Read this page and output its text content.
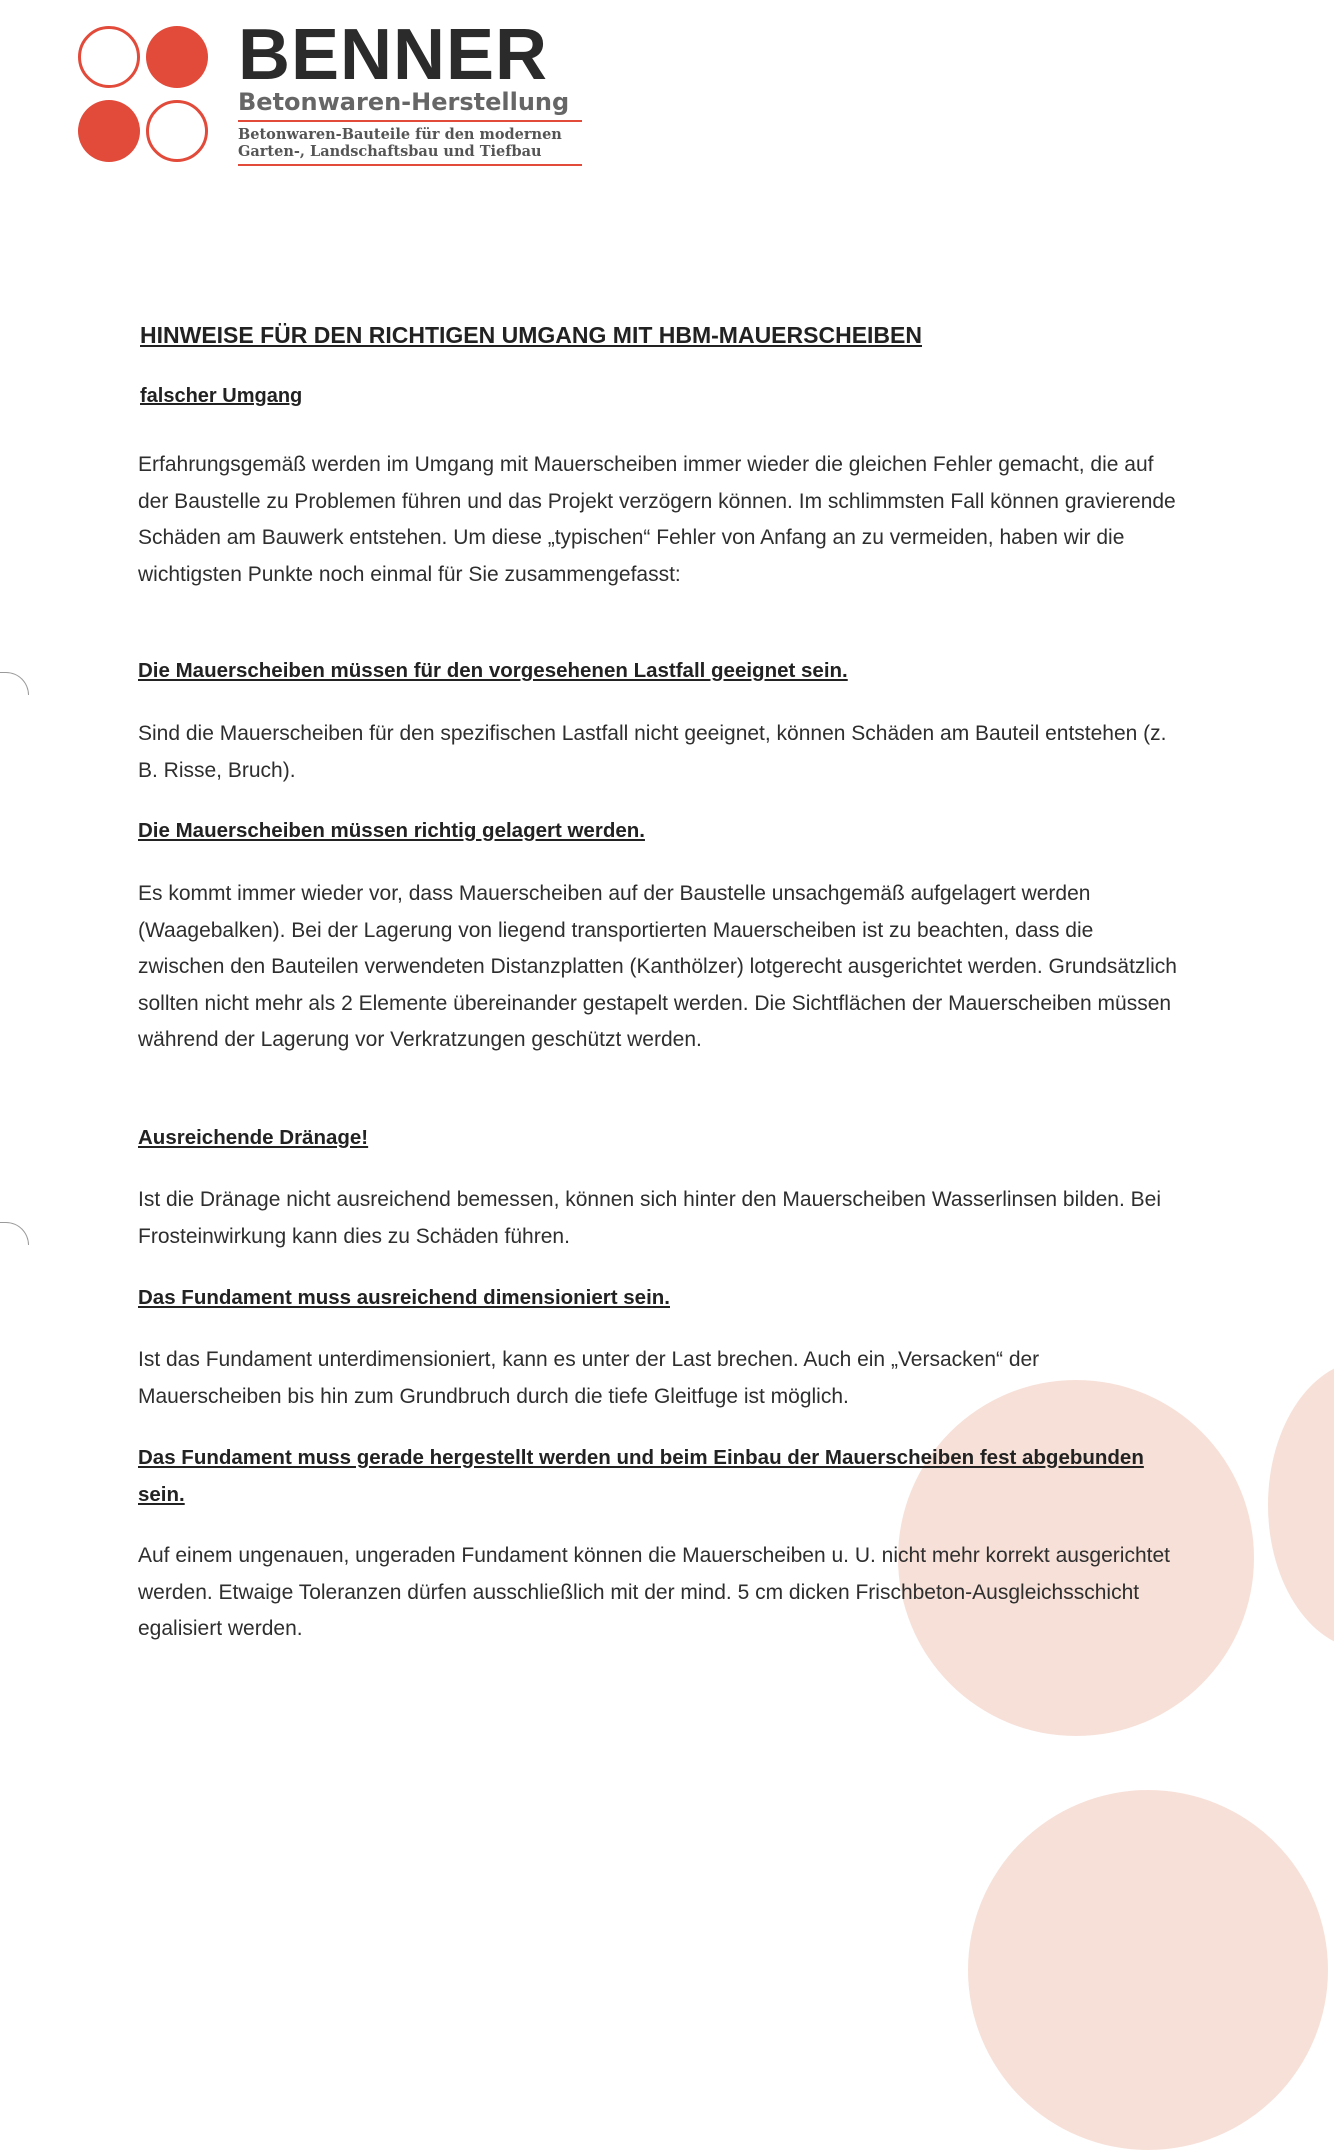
BENNER
Betonwaren-Herstellung
Betonwaren-Bauteile für den modernen
Garten-, Landschaftsbau und Tiefbau
HINWEISE FÜR DEN RICHTIGEN UMGANG MIT HBM-MAUERSCHEIBEN
falscher Umgang

Erfahrungsgemäß werden im Umgang mit Mauerscheiben immer wieder die gleichen Fehler gemacht, die auf der Baustelle zu Problemen führen und das Projekt verzögern können. Im schlimmsten Fall können gravierende Schäden am Bauwerk entstehen. Um diese „typischen“ Fehler von Anfang an zu vermeiden, haben wir die wichtigsten Punkte noch einmal für Sie zusammengefasst:

Die Mauerscheiben müssen für den vorgesehenen Lastfall geeignet sein.

Sind die Mauerscheiben für den spezifischen Lastfall nicht geeignet, können Schäden am Bauteil entstehen (z. B. Risse, Bruch).

Die Mauerscheiben müssen richtig gelagert werden.

Es kommt immer wieder vor, dass Mauerscheiben auf der Baustelle unsachgemäß aufgelagert werden (Waagebalken). Bei der Lagerung von liegend transportierten Mauerscheiben ist zu beachten, dass die zwischen den Bauteilen verwendeten Distanzplatten (Kanthölzer) lotgerecht ausgerichtet werden. Grundsätzlich sollten nicht mehr als 2 Elemente übereinander gestapelt werden. Die Sichtflächen der Mauerscheiben müssen während der Lagerung vor Verkratzungen geschützt werden.

Ausreichende Dränage!

Ist die Dränage nicht ausreichend bemessen, können sich hinter den Mauerscheiben Wasserlinsen bilden. Bei Frosteinwirkung kann dies zu Schäden führen.

Das Fundament muss ausreichend dimensioniert sein.

Ist das Fundament unterdimensioniert, kann es unter der Last brechen. Auch ein „Versacken“ der Mauerscheiben bis hin zum Grundbruch durch die tiefe Gleitfuge ist möglich.

Das Fundament muss gerade hergestellt werden und beim Einbau der Mauerscheiben fest abgebunden sein.

Auf einem ungenauen, ungeraden Fundament können die Mauerscheiben u. U. nicht mehr korrekt ausgerichtet werden. Etwaige Toleranzen dürfen ausschließlich mit der mind. 5 cm dicken Frischbeton-Ausgleichsschicht egalisiert werden.
